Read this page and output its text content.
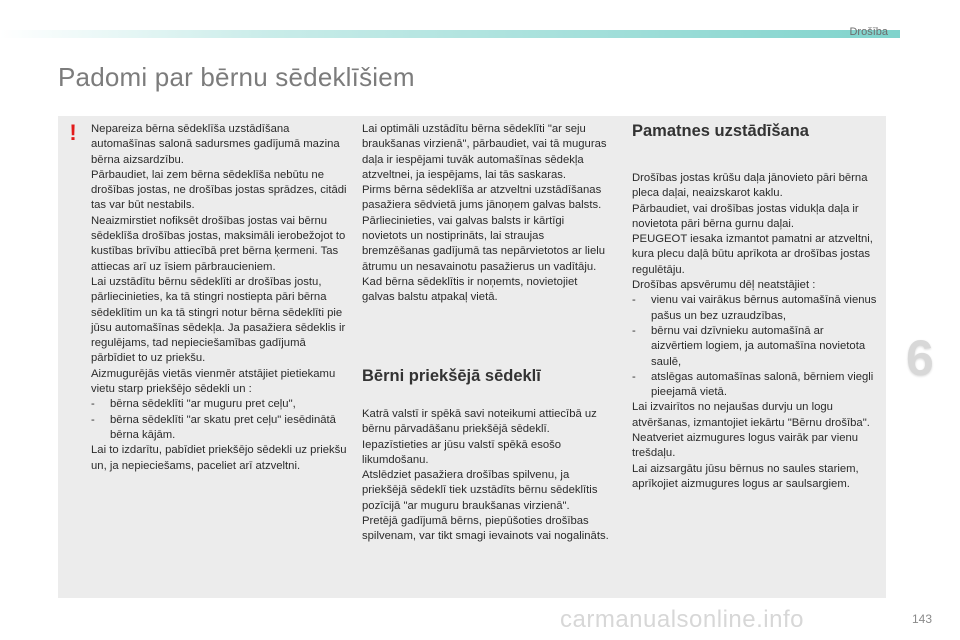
Drošība
Padomi par bērnu sēdeklīšiem
! Nepareiza bērna sēdeklīša uzstādīšana automašīnas salonā sadursmes gadījumā mazina bērna aizsardzību.

Pārbaudiet, lai zem bērna sēdeklīša nebūtu ne drošības jostas, ne drošības jostas sprādzes, citādi tas var būt nestabils.

Neaizmirstiet nofiksēt drošības jostas vai bērnu sēdeklīša drošības jostas, maksimāli ierobežojot to kustības brīvību attiecībā pret bērna ķermeni. Tas attiecas arī uz īsiem pārbraucieniem.

Lai uzstādītu bērnu sēdeklīti ar drošības jostu, pārliecinieties, ka tā stingri nostiepta pāri bērna sēdeklītim un ka tā stingri notur bērna sēdeklīti pie jūsu automašīnas sēdekļa. Ja pasažiera sēdeklis ir regulējams, tad nepieciešamības gadījumā pārbīdiet to uz priekšu.

Aizmugurējās vietās vienmēr atstājiet pietiekamu vietu starp priekšējo sēdekli un :

-	bērna sēdeklīti "ar muguru pret ceļu",
-	bērna sēdeklīti "ar skatu pret ceļu" iesēdinātā bērna kājām.

Lai to izdarītu, pabīdiet priekšējo sēdekli uz priekšu un, ja nepieciešams, paceliet arī atzveltni.

Lai optimāli uzstādītu bērna sēdeklīti "ar seju braukšanas virzienā", pārbaudiet, vai tā muguras daļa ir iespējami tuvāk automašīnas sēdekļa atzveltnei, ja iespējams, lai tās saskaras.

Pirms bērna sēdeklīša ar atzveltni uzstādīšanas pasažiera sēdvietā jums jānoņem galvas balsts.

Pārliecinieties, vai galvas balsts ir kārtīgi novietots un nostiprināts, lai straujas bremzēšanas gadījumā tas nepārvietotos ar lielu ātrumu un nesavainotu pasažierus un vadītāju. Kad bērna sēdeklītis ir noņemts, novietojiet galvas balstu atpakaļ vietā.

Bērni priekšējā sēdeklī

Katrā valstī ir spēkā savi noteikumi attiecībā uz bērnu pārvadāšanu priekšējā sēdeklī. Iepazīstieties ar jūsu valstī spēkā esošo likumdošanu.

Atslēdziet pasažiera drošības spilvenu, ja priekšējā sēdeklī tiek uzstādīts bērnu sēdeklītis pozīcijā "ar muguru braukšanas virzienā".

Pretējā gadījumā bērns, piepūšoties drošības spilvenam, var tikt smagi ievainots vai nogalināts.

Pamatnes uzstādīšana

Drošības jostas krūšu daļa jānovieto pāri bērna pleca daļai, neaizskarot kaklu.

Pārbaudiet, vai drošības jostas vidukļa daļa ir novietota pāri bērna gurnu daļai.

PEUGEOT iesaka izmantot pamatni ar atzveltni, kura plecu daļā būtu aprīkota ar drošības jostas regulētāju.

Drošības apsvērumu dēļ neatstājiet :

-	vienu vai vairākus bērnus automašīnā vienus pašus un bez uzraudzības,
-	bērnu vai dzīvnieku automašīnā ar aizvērtiem logiem, ja automašīna novietota saulē,
-	atslēgas automašīnas salonā, bērniem viegli pieejamā vietā.

Lai izvairītos no nejaušas durvju un logu atvēršanas, izmantojiet iekārtu "Bērnu drošība".

Neatveriet aizmugures logus vairāk par vienu trešdaļu.

Lai aizsargātu jūsu bērnus no saules stariem, aprīkojiet aizmugures logus ar saulsargiem.

6
carmanualsonline.info	143
